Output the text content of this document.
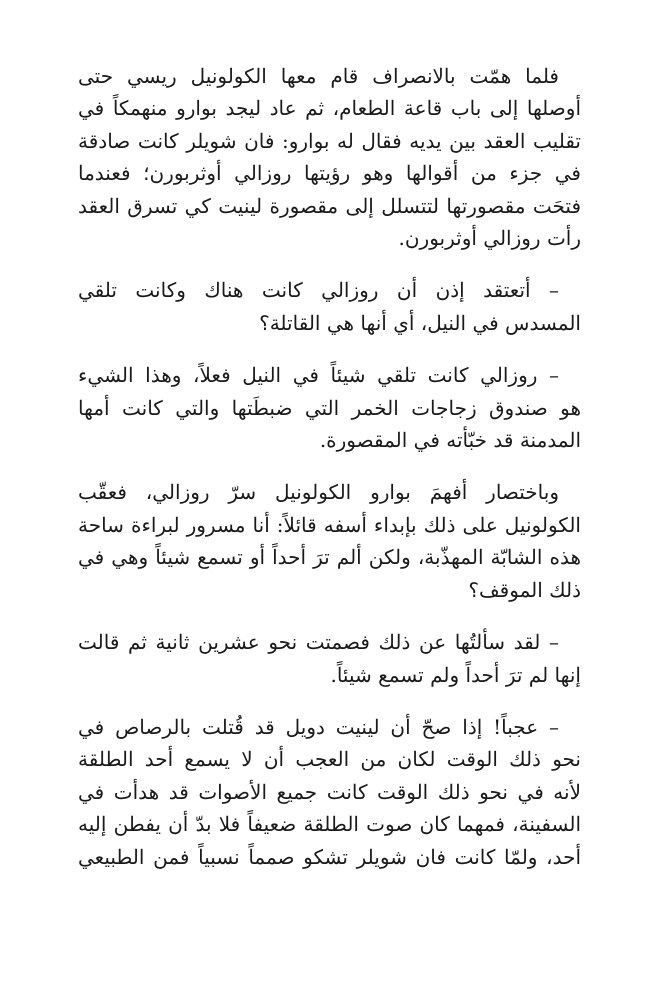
فلما همّت بالانصراف قام معها الكولونيل ريسي حتى
أوصلها إلى باب قاعة الطعام، ثم عاد ليجد بوارو منهمكاً في
تقليب العقد بين يديه فقال له بوارو: فان شويلر كانت صادقة
في جزء من أقوالها وهو رؤيتها روزالي أوثربورن؛ فعندما
فتحَت مقصورتها لتتسلل إلى مقصورة لينيت كي تسرق العقد
رأت روزالي أوثربورن.

– أتعتقد إذن أن روزالي كانت هناك وكانت تلقي
المسدس في النيل، أي أنها هي القاتلة؟

– روزالي كانت تلقي شيئاً في النيل فعلاً، وهذا الشيء
هو صندوق زجاجات الخمر التي ضبطَتها والتي كانت أمها
المدمنة قد خبّأته في المقصورة.

وباختصار أفهمَ بوارو الكولونيل سرّ روزالي، فعقّب
الكولونيل على ذلك بإبداء أسفه قائلاً: أنا مسرور لبراءة ساحة
هذه الشابّة المهذّبة، ولكن ألم ترَ أحداً أو تسمع شيئاً وهي في
ذلك الموقف؟

– لقد سألتُها عن ذلك فصمتت نحو عشرين ثانية ثم قالت
إنها لم ترَ أحداً ولم تسمع شيئاً.

– عجباً! إذا صحّ أن لينيت دويل قد قُتلت بالرصاص في
نحو ذلك الوقت لكان من العجب أن لا يسمع أحد الطلقة
لأنه في نحو ذلك الوقت كانت جميع الأصوات قد هدأت في
السفينة، فمهما كان صوت الطلقة ضعيفاً فلا بدّ أن يفطن إليه
أحد، ولمّا كانت فان شويلر تشكو صمماً نسبياً فمن الطبيعي
